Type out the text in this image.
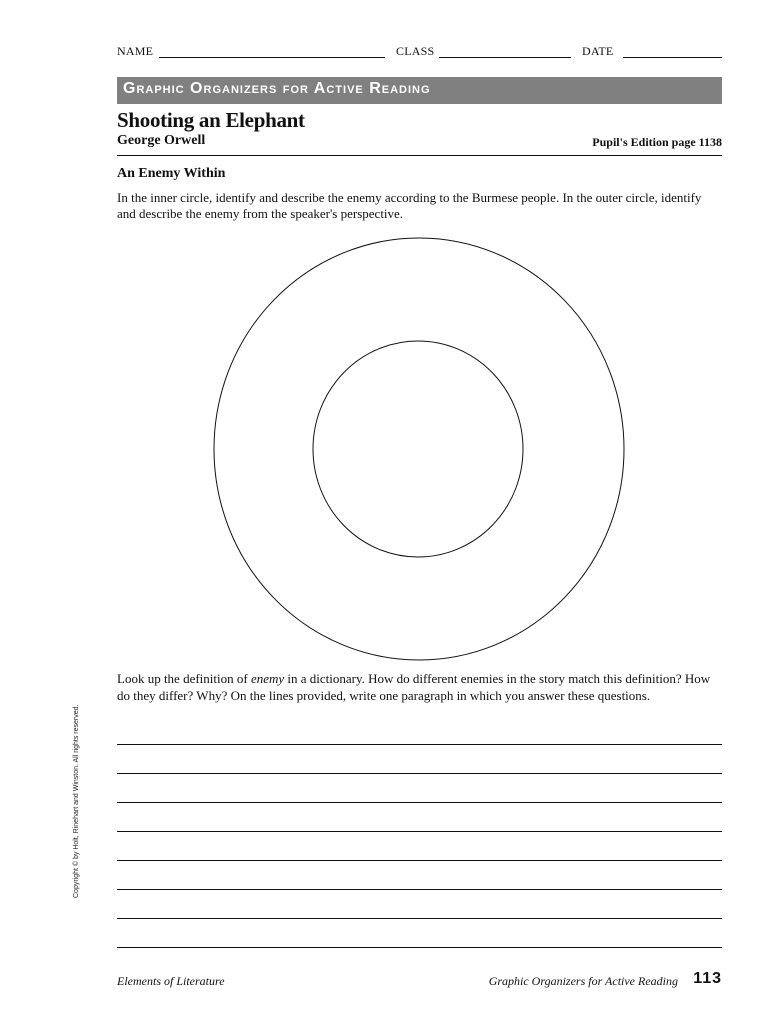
NAME	CLASS	DATE
Graphic Organizers for Active Reading
Shooting an Elephant
George Orwell	Pupil's Edition page 1138
An Enemy Within

In the inner circle, identify and describe the enemy according to the Burmese people. In the outer circle, identify and describe the enemy from the speaker's perspective.

Look up the definition of enemy in a dictionary. How do different enemies in the story match this definition? How do they differ? Why? On the lines provided, write one paragraph in which you answer these questions.

Copyright © by Holt, Rinehart and Winston. All rights reserved.
Elements of Literature	Graphic Organizers for Active Reading 113
